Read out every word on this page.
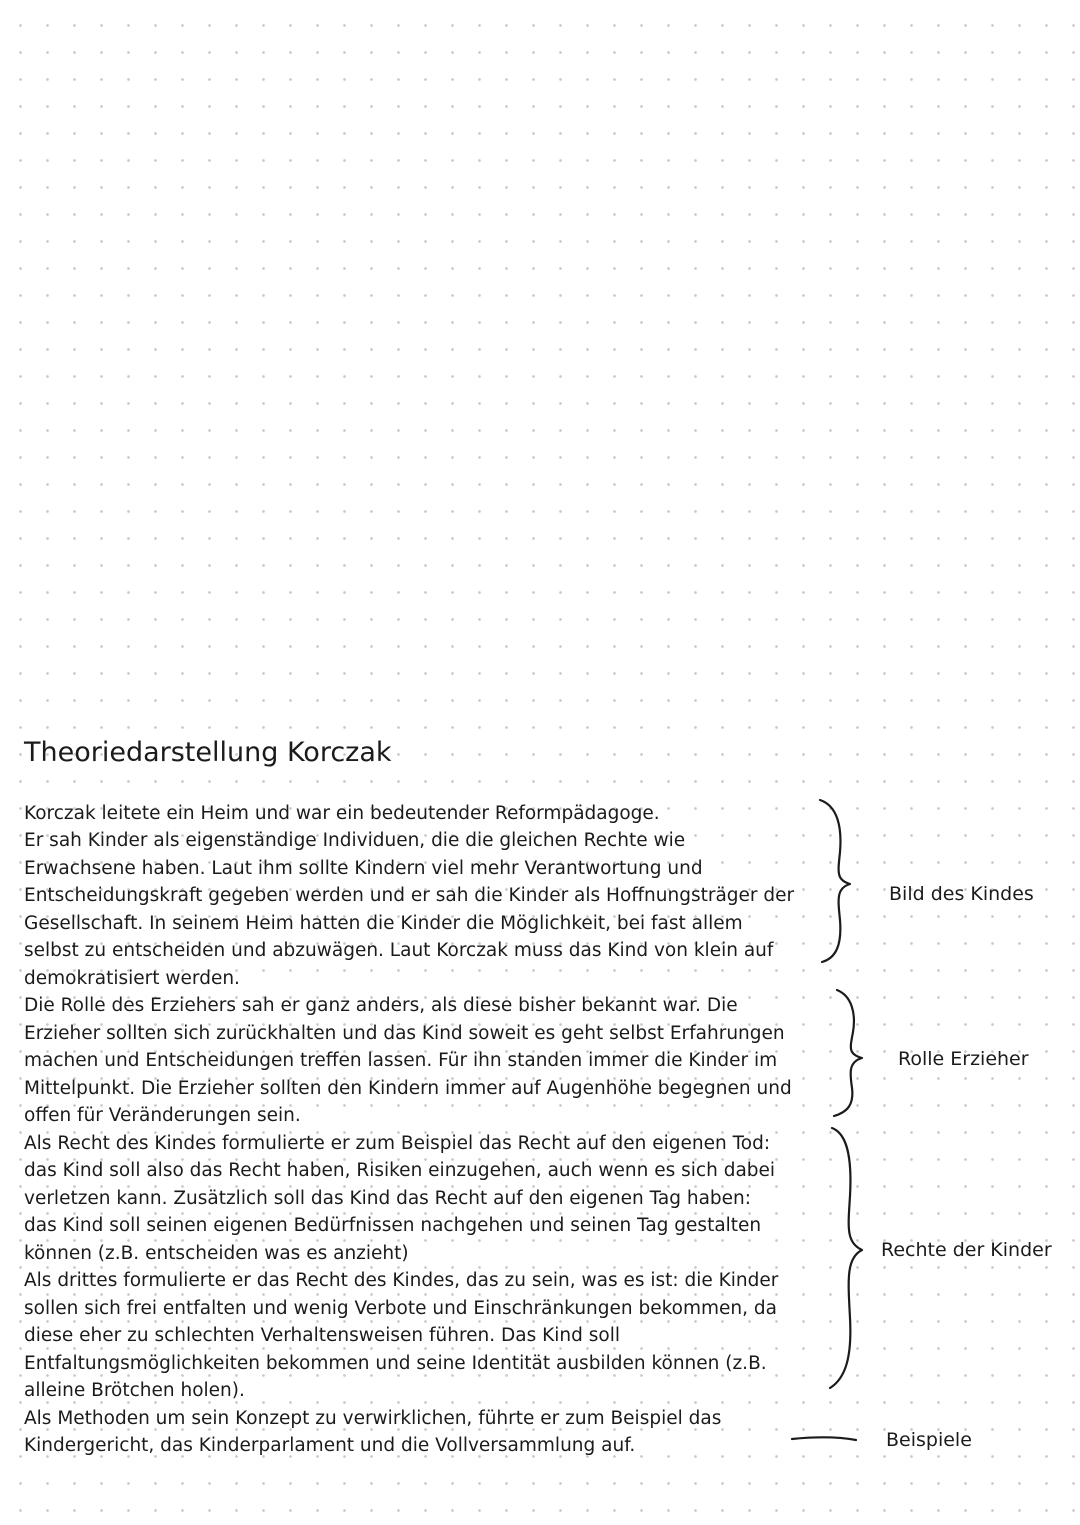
Theoriedarstellung Korczak
Korczak leitete ein Heim und war ein bedeutender Reformpädagoge.
Er sah Kinder als eigenständige Individuen, die die gleichen Rechte wie
Erwachsene haben. Laut ihm sollte Kindern viel mehr Verantwortung und
Entscheidungskraft gegeben werden und er sah die Kinder als Hoffnungsträger der
Gesellschaft. In seinem Heim hatten die Kinder die Möglichkeit, bei fast allem
selbst zu entscheiden und abzuwägen. Laut Korczak muss das Kind von klein auf
demokratisiert werden.
Die Rolle des Erziehers sah er ganz anders, als diese bisher bekannt war. Die
Erzieher sollten sich zurückhalten und das Kind soweit es geht selbst Erfahrungen
machen und Entscheidungen treffen lassen. Für ihn standen immer die Kinder im
Mittelpunkt. Die Erzieher sollten den Kindern immer auf Augenhöhe begegnen und
offen für Veränderungen sein.
Als Recht des Kindes formulierte er zum Beispiel das Recht auf den eigenen Tod:
das Kind soll also das Recht haben, Risiken einzugehen, auch wenn es sich dabei
verletzen kann. Zusätzlich soll das Kind das Recht auf den eigenen Tag haben:
das Kind soll seinen eigenen Bedürfnissen nachgehen und seinen Tag gestalten
können (z.B. entscheiden was es anzieht)
Als drittes formulierte er das Recht des Kindes, das zu sein, was es ist: die Kinder
sollen sich frei entfalten und wenig Verbote und Einschränkungen bekommen, da
diese eher zu schlechten Verhaltensweisen führen. Das Kind soll
Entfaltungsmöglichkeiten bekommen und seine Identität ausbilden können (z.B.
alleine Brötchen holen).
Als Methoden um sein Konzept zu verwirklichen, führte er zum Beispiel das
Kindergericht, das Kinderparlament und die Vollversammlung auf.
Bild des Kindes
Rolle Erzieher
Rechte der Kinder
Beispiele
